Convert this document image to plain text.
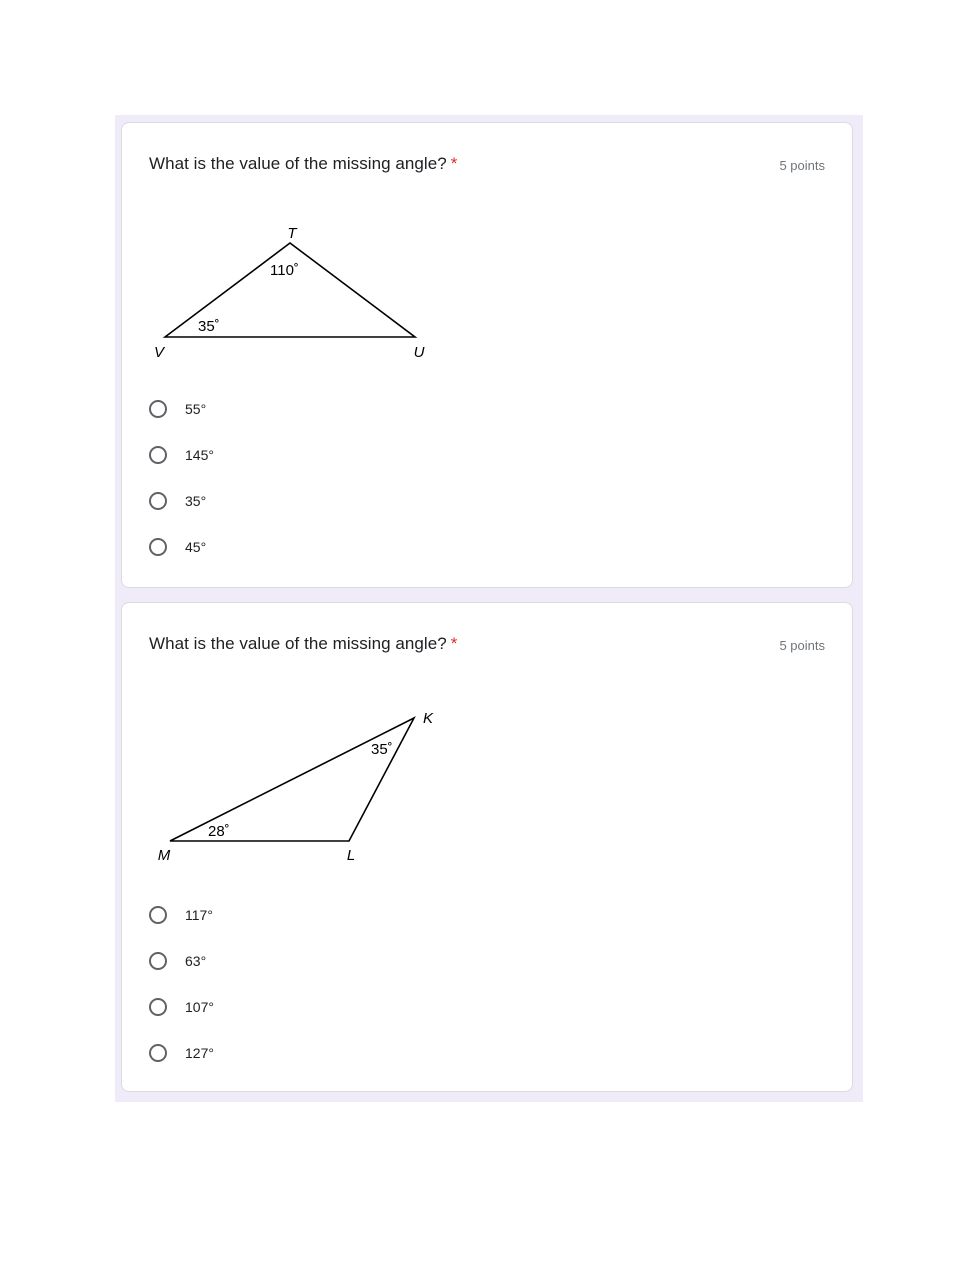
What is the value of the missing angle? *	5 points
T
V	U
110˚
35˚
55°
145°
35°
45°
What is the value of the missing angle? *	5 points
K
M	L
35˚
28˚
117°
63°
107°
127°
